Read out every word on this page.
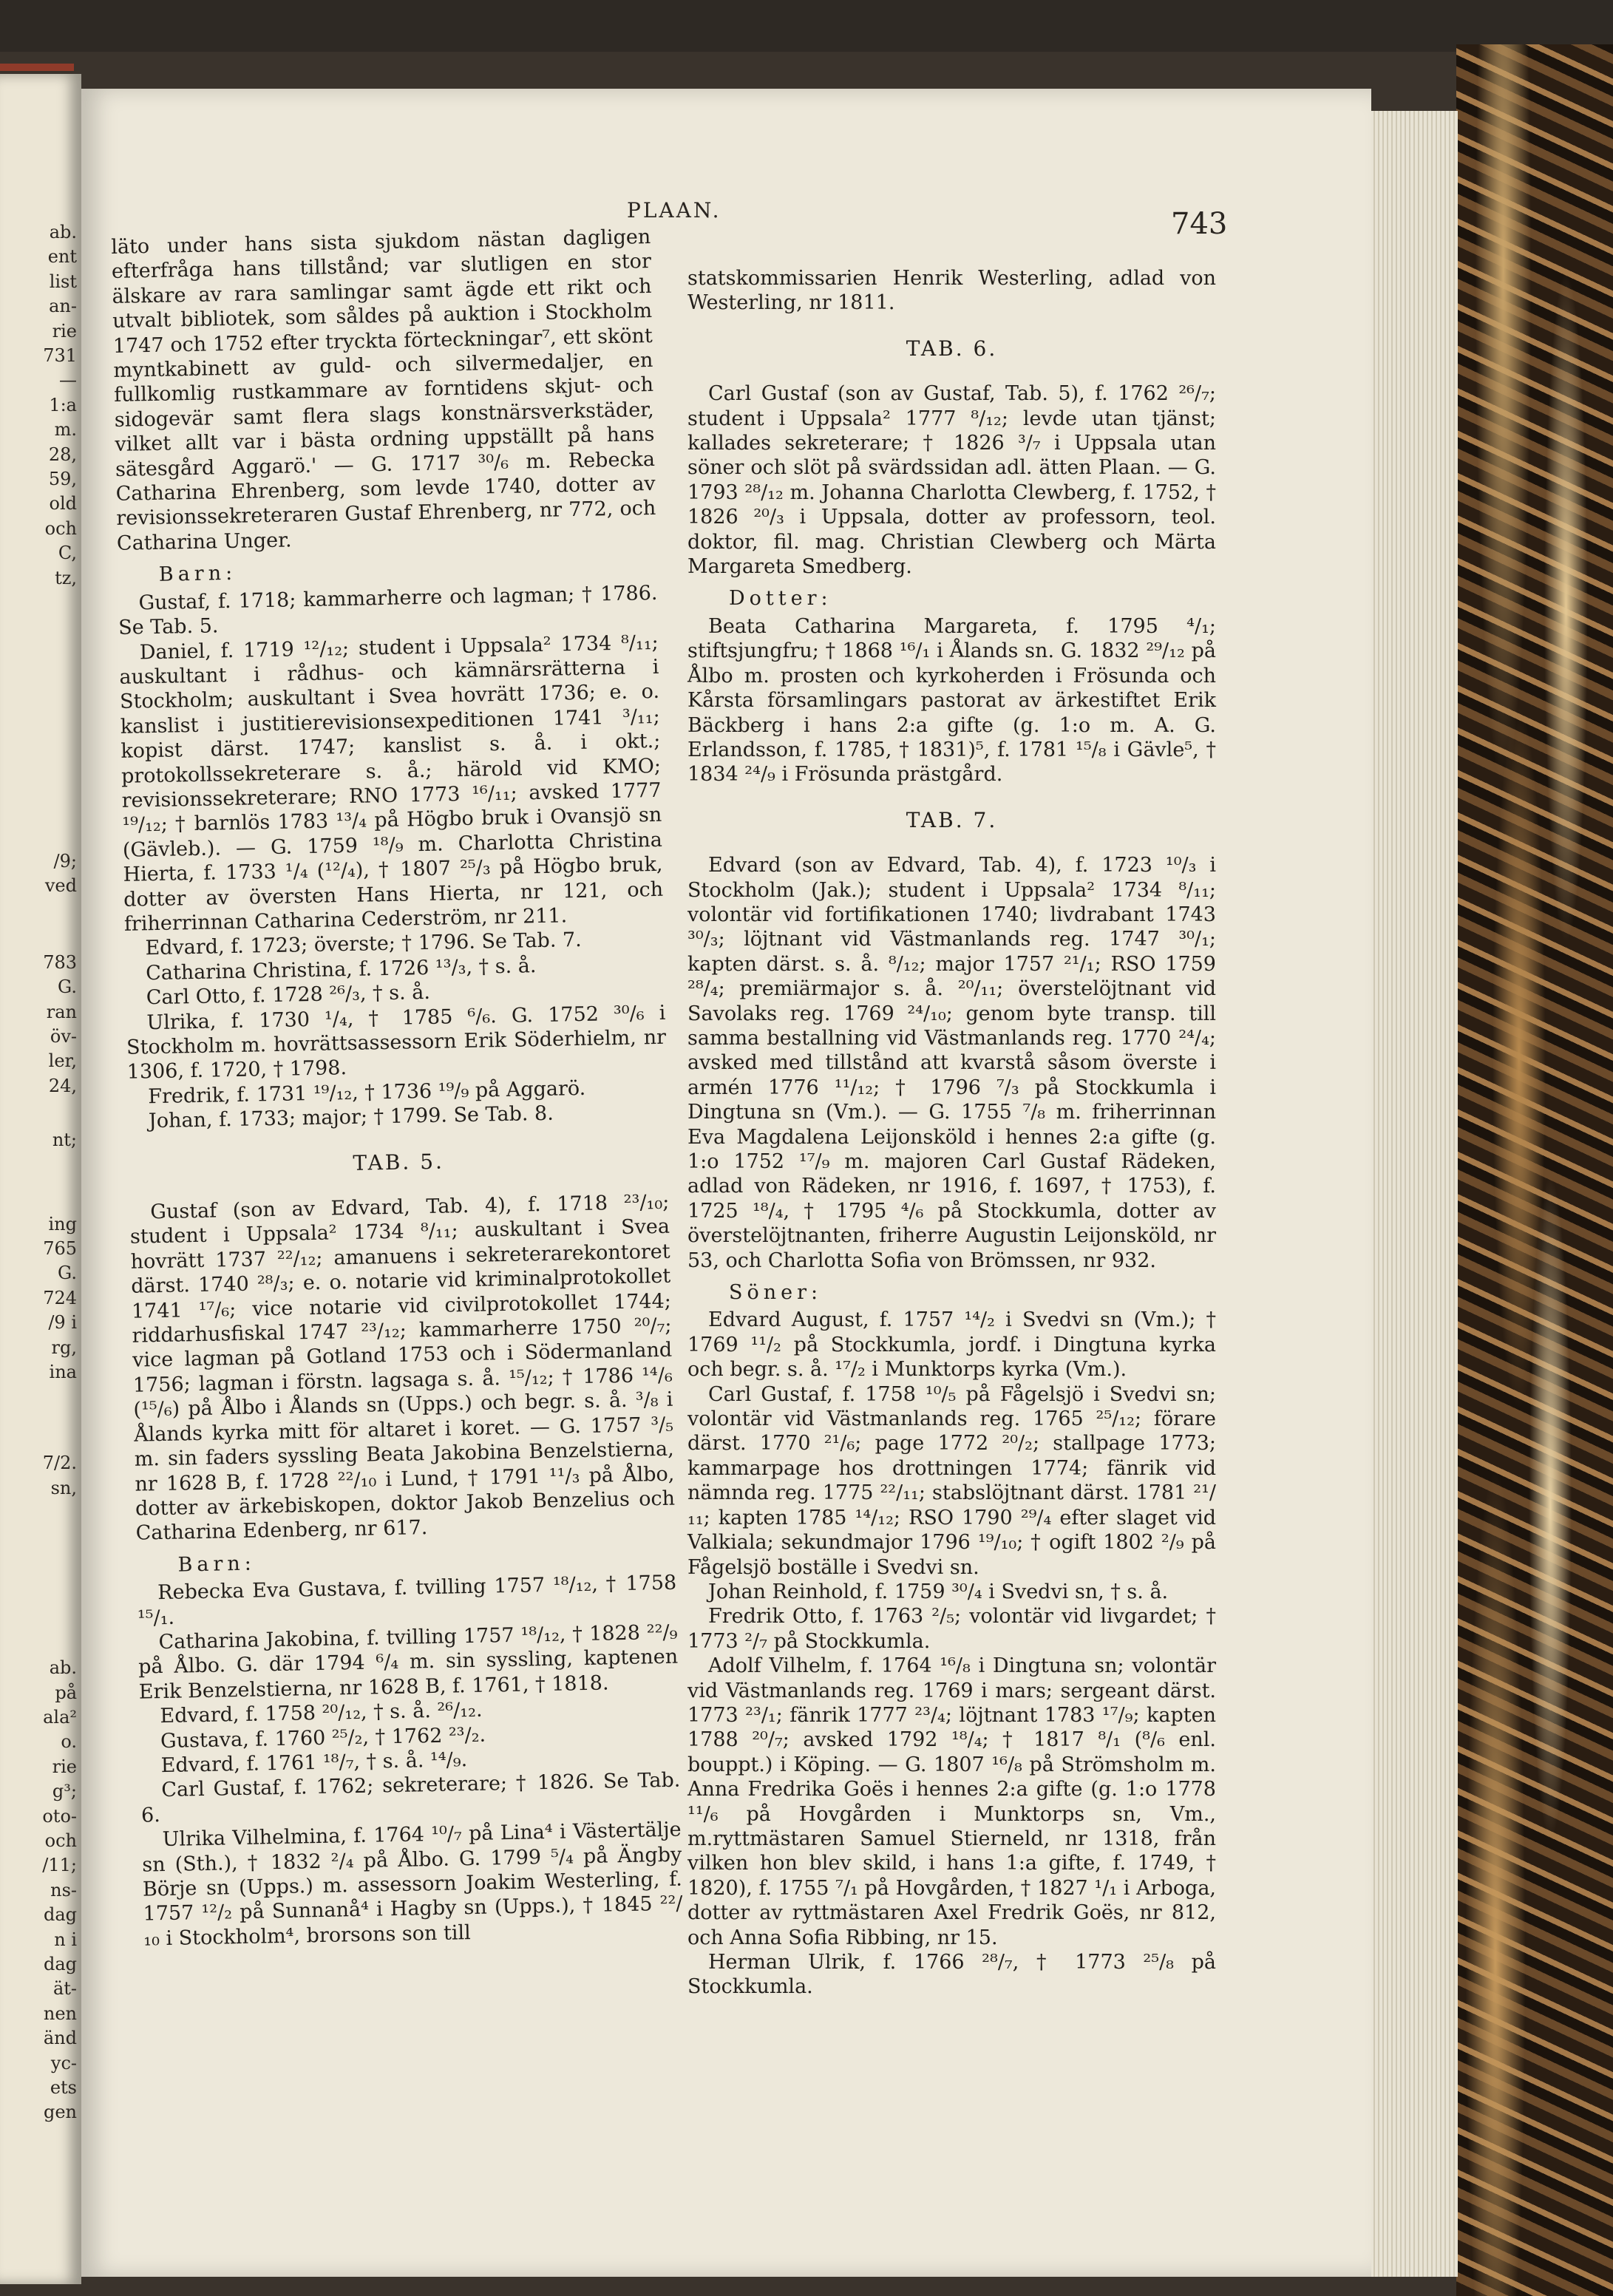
ab.
ent
list
an-
rie
731
—
1:a
m.
28,
59,
old
och
C,
tz,
/9;
ved
783
G.
ran
öv-
ler,
24,
nt;
ing
765
G.
724
/9 i
rg,
ina
7/2.
sn,
ab.
på
ala²
o.
rie
g³;
oto-
och
/11;
ns-
dag
n i
dag
ät-
nen
änd
yc-
ets
gen
PLAAN.	743

läto under hans sista sjukdom nästan dagligen efterfråga hans tillstånd; var slutligen en stor älskare av rara samlingar samt ägde ett rikt och utvalt bibliotek, som såldes på auktion i Stockholm 1747 och 1752 efter tryckta förteckningar⁷, ett skönt myntkabinett av guld- och silvermedaljer, en fullkomlig rustkammare av forntidens skjut- och sidogevär samt flera slags konstnärsverkstäder, vilket allt var i bästa ordning uppställt på hans sätesgård Aggarö.' — G. 1717 ³⁰/₆ m. Rebecka Catharina Ehrenberg, som levde 1740, dotter av revisionssekreteraren Gustaf Ehrenberg, nr 772, och Catharina Unger.

Barn:

Gustaf, f. 1718; kammarherre och lagman; † 1786. Se Tab. 5.

Daniel, f. 1719 ¹²/₁₂; student i Uppsala² 1734 ⁸/₁₁; auskultant i rådhus- och kämnärsrätterna i Stockholm; auskultant i Svea hovrätt 1736; e. o. kanslist i justitierevisionsexpeditionen 1741 ³/₁₁; kopist därst. 1747; kanslist s. å. i okt.; protokollssekreterare s. å.; härold vid KMO; revisionssekreterare; RNO 1773 ¹⁶/₁₁; avsked 1777 ¹⁹/₁₂; † barnlös 1783 ¹³/₄ på Högbo bruk i Ovansjö sn (Gävleb.). — G. 1759 ¹⁸/₉ m. Charlotta Christina Hierta, f. 1733 ¹/₄ (¹²/₄), † 1807 ²⁵/₃ på Högbo bruk, dotter av översten Hans Hierta, nr 121, och friherrinnan Catharina Cederström, nr 211.

Edvard, f. 1723; överste; † 1796. Se Tab. 7.

Catharina Christina, f. 1726 ¹³/₃, † s. å.

Carl Otto, f. 1728 ²⁶/₃, † s. å.

Ulrika, f. 1730 ¹/₄, † 1785 ⁶/₆. G. 1752 ³⁰/₆ i Stockholm m. hovrättsassessorn Erik Söderhielm, nr 1306, f. 1720, † 1798.

Fredrik, f. 1731 ¹⁹/₁₂, † 1736 ¹⁹/₉ på Aggarö.

Johan, f. 1733; major; † 1799. Se Tab. 8.

TAB. 5.

Gustaf (son av Edvard, Tab. 4), f. 1718 ²³/₁₀; student i Uppsala² 1734 ⁸/₁₁; auskultant i Svea hovrätt 1737 ²²/₁₂; amanuens i sekreterarekontoret därst. 1740 ²⁸/₃; e. o. notarie vid kriminalprotokollet 1741 ¹⁷/₆; vice notarie vid civilprotokollet 1744; riddarhusfiskal 1747 ²³/₁₂; kammarherre 1750 ²⁰/₇; vice lagman på Gotland 1753 och i Södermanland 1756; lagman i förstn. lagsaga s. å. ¹⁵/₁₂; † 1786 ¹⁴/₆ (¹⁵/₆) på Ålbo i Ålands sn (Upps.) och begr. s. å. ³/₈ i Ålands kyrka mitt för altaret i koret. — G. 1757 ³/₅ m. sin faders syssling Beata Jakobina Benzelstierna, nr 1628 B, f. 1728 ²²/₁₀ i Lund, † 1791 ¹¹/₃ på Ålbo, dotter av ärkebiskopen, doktor Jakob Benzelius och Catharina Edenberg, nr 617.

Barn:

Rebecka Eva Gustava, f. tvilling 1757 ¹⁸/₁₂, † 1758 ¹⁵/₁.

Catharina Jakobina, f. tvilling 1757 ¹⁸/₁₂, † 1828 ²²/₉ på Ålbo. G. där 1794 ⁶/₄ m. sin syssling, kaptenen Erik Benzelstierna, nr 1628 B, f. 1761, † 1818.

Edvard, f. 1758 ²⁰/₁₂, † s. å. ²⁶/₁₂.

Gustava, f. 1760 ²⁵/₂, † 1762 ²³/₂.

Edvard, f. 1761 ¹⁸/₇, † s. å. ¹⁴/₉.

Carl Gustaf, f. 1762; sekreterare; † 1826. Se Tab. 6.

Ulrika Vilhelmina, f. 1764 ¹⁰/₇ på Lina⁴ i Västertälje sn (Sth.), † 1832 ²/₄ på Ålbo. G. 1799 ⁵/₄ på Ängby Börje sn (Upps.) m. assessorn Joakim Westerling, f. 1757 ¹²/₂ på Sunnanå⁴ i Hagby sn (Upps.), † 1845 ²²/₁₀ i Stockholm⁴, brorsons son till

statskommissarien Henrik Westerling, adlad von Westerling, nr 1811.

TAB. 6.

Carl Gustaf (son av Gustaf, Tab. 5), f. 1762 ²⁶/₇; student i Uppsala² 1777 ⁸/₁₂; levde utan tjänst; kallades sekreterare; † 1826 ³/₇ i Uppsala utan söner och slöt på svärdssidan adl. ätten Plaan. — G. 1793 ²⁸/₁₂ m. Johanna Charlotta Clewberg, f. 1752, † 1826 ²⁰/₃ i Uppsala, dotter av professorn, teol. doktor, fil. mag. Christian Clewberg och Märta Margareta Smedberg.

Dotter:

Beata Catharina Margareta, f. 1795 ⁴/₁; stiftsjungfru; † 1868 ¹⁶/₁ i Ålands sn. G. 1832 ²⁹/₁₂ på Ålbo m. prosten och kyrkoherden i Frösunda och Kårsta församlingars pastorat av ärkestiftet Erik Bäckberg i hans 2:a gifte (g. 1:o m. A. G. Erlandsson, f. 1785, † 1831)⁵, f. 1781 ¹⁵/₈ i Gävle⁵, † 1834 ²⁴/₉ i Frösunda prästgård.

TAB. 7.

Edvard (son av Edvard, Tab. 4), f. 1723 ¹⁰/₃ i Stockholm (Jak.); student i Uppsala² 1734 ⁸/₁₁; volontär vid fortifikationen 1740; livdrabant 1743 ³⁰/₃; löjtnant vid Västmanlands reg. 1747 ³⁰/₁; kapten därst. s. å. ⁸/₁₂; major 1757 ²¹/₁; RSO 1759 ²⁸/₄; premiärmajor s. å. ²⁰/₁₁; överstelöjtnant vid Savolaks reg. 1769 ²⁴/₁₀; genom byte transp. till samma bestallning vid Västmanlands reg. 1770 ²⁴/₄; avsked med tillstånd att kvarstå såsom överste i armén 1776 ¹¹/₁₂; † 1796 ⁷/₃ på Stockkumla i Dingtuna sn (Vm.). — G. 1755 ⁷/₈ m. friherrinnan Eva Magdalena Leijonsköld i hennes 2:a gifte (g. 1:o 1752 ¹⁷/₉ m. majoren Carl Gustaf Rädeken, adlad von Rädeken, nr 1916, f. 1697, † 1753), f. 1725 ¹⁸/₄, † 1795 ⁴/₆ på Stockkumla, dotter av överstelöjtnanten, friherre Augustin Leijonsköld, nr 53, och Charlotta Sofia von Brömssen, nr 932.

Söner:

Edvard August, f. 1757 ¹⁴/₂ i Svedvi sn (Vm.); † 1769 ¹¹/₂ på Stockkumla, jordf. i Dingtuna kyrka och begr. s. å. ¹⁷/₂ i Munktorps kyrka (Vm.).

Carl Gustaf, f. 1758 ¹⁰/₅ på Fågelsjö i Svedvi sn; volontär vid Västmanlands reg. 1765 ²⁵/₁₂; förare därst. 1770 ²¹/₆; page 1772 ²⁰/₂; stallpage 1773; kammarpage hos drottningen 1774; fänrik vid nämnda reg. 1775 ²²/₁₁; stabslöjtnant därst. 1781 ²¹/₁₁; kapten 1785 ¹⁴/₁₂; RSO 1790 ²⁹/₄ efter slaget vid Valkiala; sekundmajor 1796 ¹⁹/₁₀; † ogift 1802 ²/₉ på Fågelsjö boställe i Svedvi sn.

Johan Reinhold, f. 1759 ³⁰/₄ i Svedvi sn, † s. å.

Fredrik Otto, f. 1763 ²/₅; volontär vid livgardet; † 1773 ²/₇ på Stockkumla.

Adolf Vilhelm, f. 1764 ¹⁶/₈ i Dingtuna sn; volontär vid Västmanlands reg. 1769 i mars; sergeant därst. 1773 ²³/₁; fänrik 1777 ²³/₄; löjtnant 1783 ¹⁷/₉; kapten 1788 ²⁰/₇; avsked 1792 ¹⁸/₄; † 1817 ⁸/₁ (⁸/₆ enl. bouppt.) i Köping. — G. 1807 ¹⁶/₈ på Strömsholm m. Anna Fredrika Goës i hennes 2:a gifte (g. 1:o 1778 ¹¹/₆ på Hovgården i Munktorps sn, Vm., m.ryttmästaren Samuel Stierneld, nr 1318, från vilken hon blev skild, i hans 1:a gifte, f. 1749, † 1820), f. 1755 ⁷/₁ på Hovgården, † 1827 ¹/₁ i Arboga, dotter av ryttmästaren Axel Fredrik Goës, nr 812, och Anna Sofia Ribbing, nr 15.

Herman Ulrik, f. 1766 ²⁸/₇, † 1773 ²⁵/₈ på Stockkumla.
